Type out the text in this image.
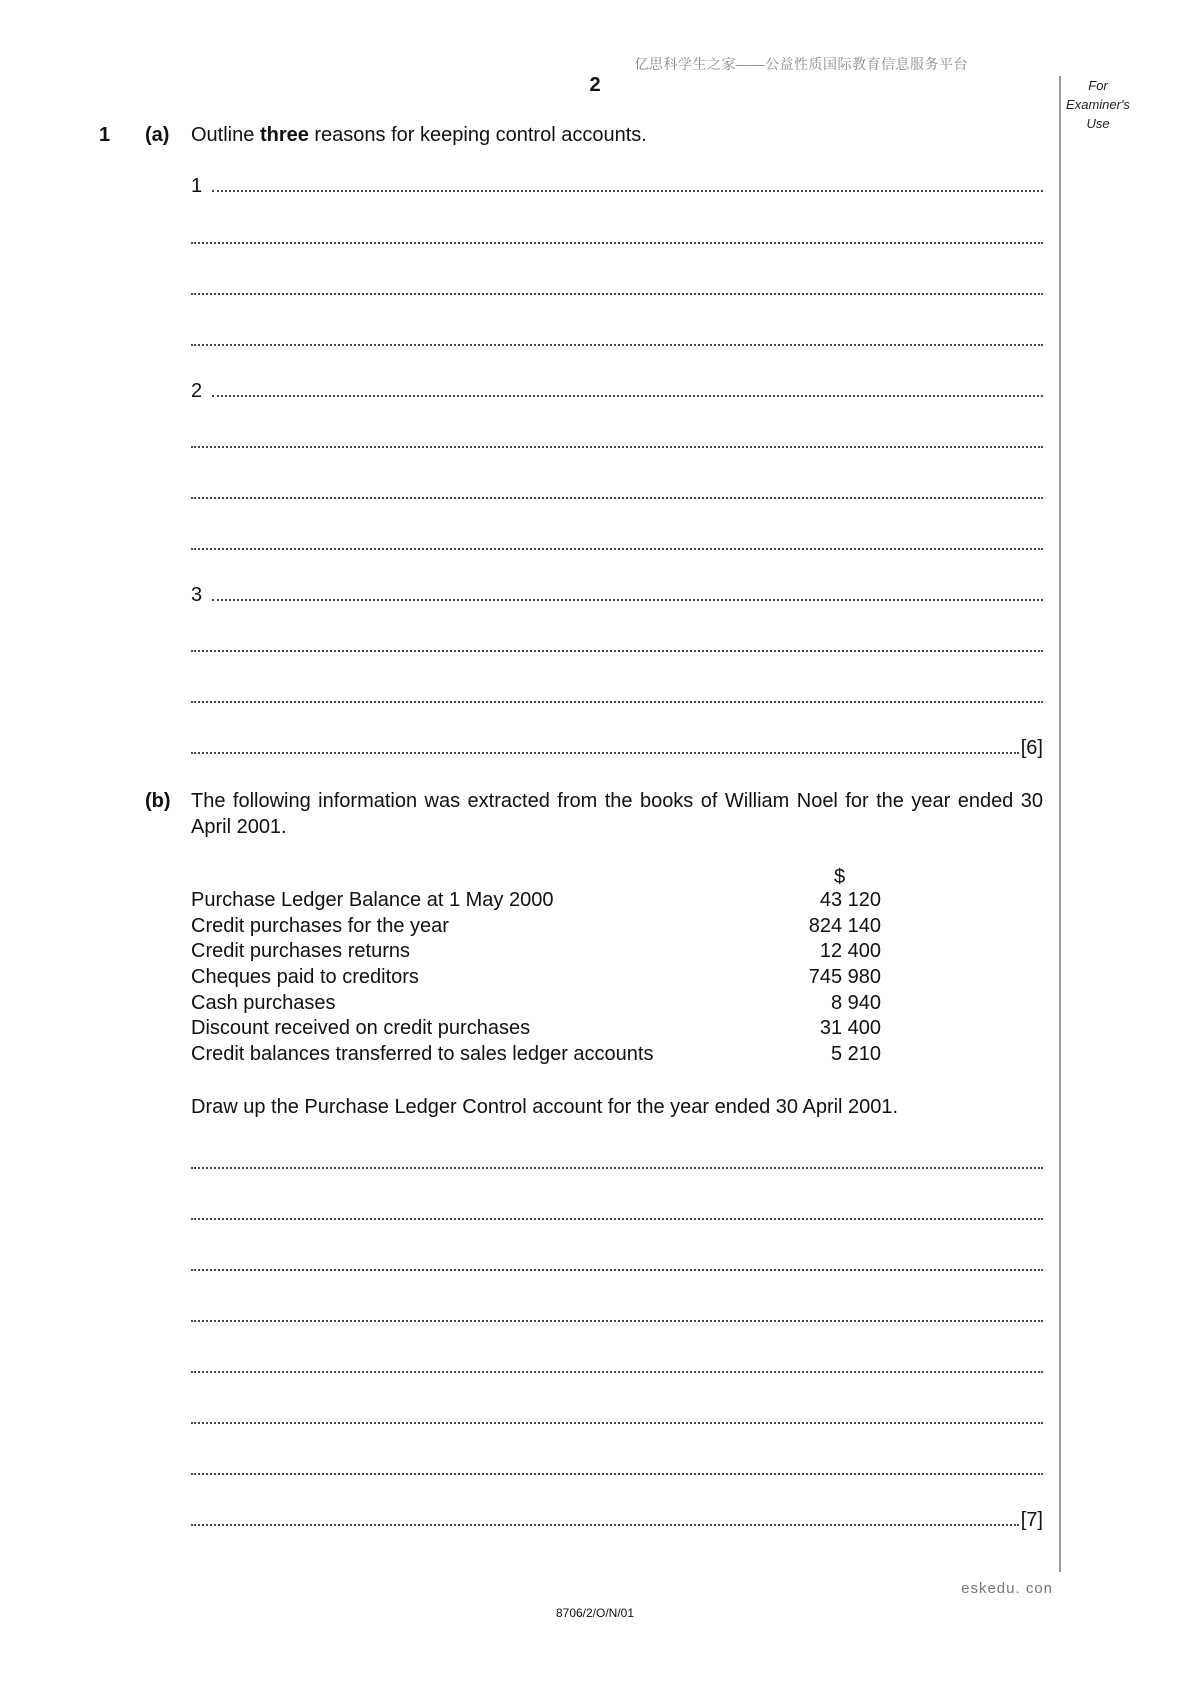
亿思科学生之家——公益性质国际教育信息服务平台
2	For
Examiner's
Use
1 (a) Outline three reasons for keeping control accounts.
1
2
3
[6]
(b) The following information was extracted from the books of William Noel for the year ended 30 April 2001.
$
Purchase Ledger Balance at 1 May 2000	43 120
Credit purchases for the year	824 140
Credit purchases returns	12 400
Cheques paid to creditors	745 980
Cash purchases	8 940
Discount received on credit purchases	31 400
Credit balances transferred to sales ledger accounts	5 210
Draw up the Purchase Ledger Control account for the year ended 30 April 2001.
[7]
eskedu. con
8706/2/O/N/01
